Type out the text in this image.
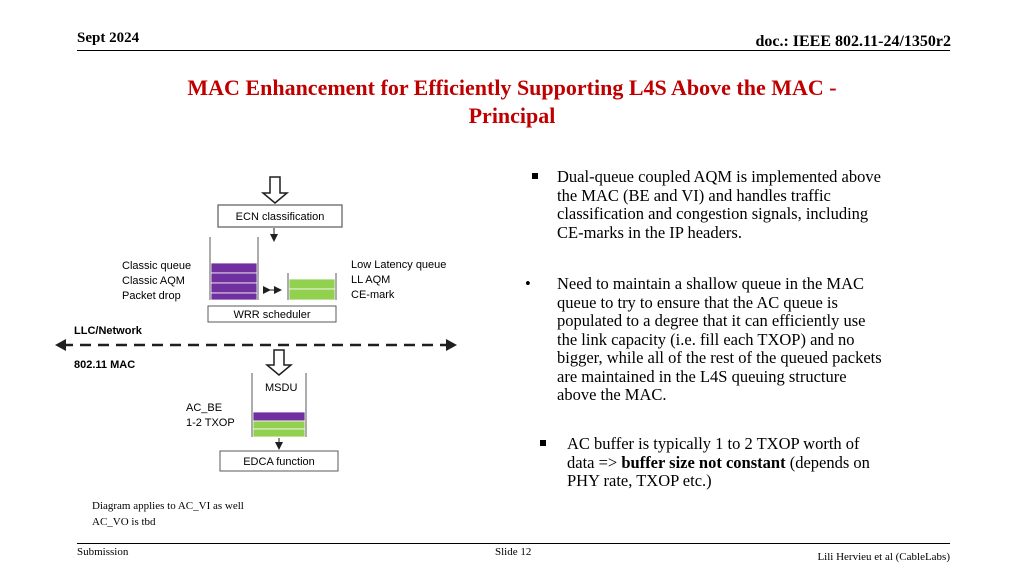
Sept 2024	doc.: IEEE 802.11-24/1350r2
MAC Enhancement for Efficiently Supporting L4S Above the MAC -
Principal
Dual-queue coupled AQM is implemented above
the MAC (BE and VI) and handles traffic
classification and congestion signals, including
CE-marks in the IP headers.
• Need to maintain a shallow queue in the MAC
queue to try to ensure that the AC queue is
populated to a degree that it can efficiently use
the link capacity (i.e. fill each TXOP) and no
bigger, while all of the rest of the queued packets
are maintained in the L4S queuing structure
above the MAC.
AC buffer is typically 1 to 2 TXOP worth of
data => buffer size not constant (depends on
PHY rate, TXOP etc.)
ECN classification
Classic queue
Classic AQM
Packet drop
Low Latency queue
LL AQM
CE-mark
WRR scheduler
LLC/Network
802.11 MAC
MSDU
AC_BE
1-2 TXOP
EDCA function
Diagram applies to AC_VI as well
AC_VO is tbd
Submission	Slide 12	Lili Hervieu et al (CableLabs)
